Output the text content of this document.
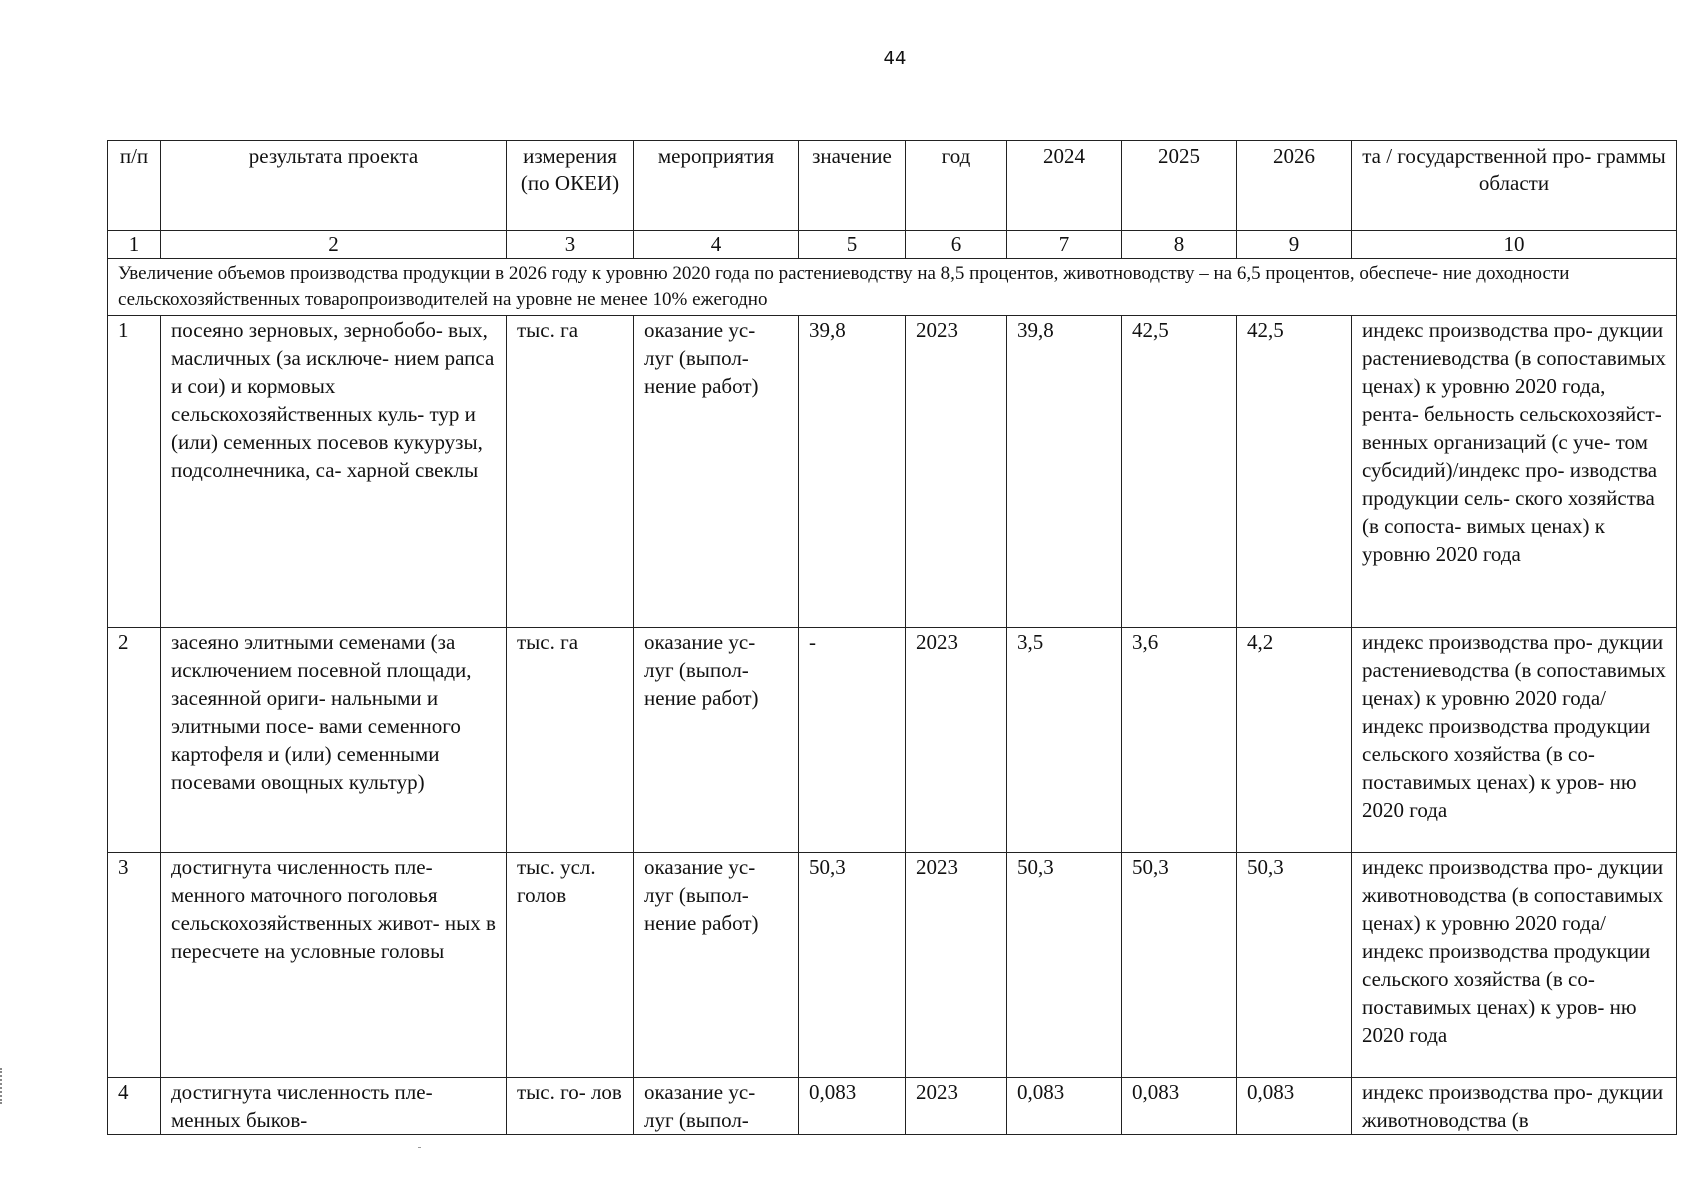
44
п/п	результата проекта	измерения (по ОКЕИ)	мероприятия	значение	год	2024	2025	2026	та / государственной про- граммы области
1	2	3	4	5	6	7	8	9	10
Увеличение объемов производства продукции в 2026 году к уровню 2020 года по растениеводству на 8,5 процентов, животноводству – на 6,5 процентов, обеспече- ние доходности сельскохозяйственных товаропроизводителей на уровне не менее 10% ежегодно									
1	посеяно зерновых, зернобобо- вых, масличных (за исключе- нием рапса и сои) и кормовых сельскохозяйственных куль- тур и (или) семенных посевов кукурузы, подсолнечника, са- харной свеклы	тыс. га	оказание ус- луг (выпол- нение работ)	39,8	2023	39,8	42,5	42,5	индекс производства про- дукции растениеводства (в сопоставимых ценах) к уровню 2020 года, рента- бельность сельскохозяйст- венных организаций (с уче- том субсидий)/индекс про- изводства продукции сель- ского хозяйства (в сопоста- вимых ценах) к уровню 2020 года
2	засеяно элитными семенами (за исключением посевной площади, засеянной ориги- нальными и элитными посе- вами семенного картофеля и (или) семенными посевами овощных культур)	тыс. га	оказание ус- луг (выпол- нение работ)	-	2023	3,5	3,6	4,2	индекс производства про- дукции растениеводства (в сопоставимых ценах) к уровню 2020 года/индекс производства продукции сельского хозяйства (в со- поставимых ценах) к уров- ню 2020 года
3	достигнута численность пле- менного маточного поголовья сельскохозяйственных живот- ных в пересчете на условные головы	тыс. усл. голов	оказание ус- луг (выпол- нение работ)	50,3	2023	50,3	50,3	50,3	индекс производства про- дукции животноводства (в сопоставимых ценах) к уровню 2020 года/индекс производства продукции сельского хозяйства (в со- поставимых ценах) к уров- ню 2020 года
4	достигнута численность пле- менных быков-	тыс. го- лов	оказание ус- луг (выпол-	0,083	2023	0,083	0,083	0,083	индекс производства про- дукции животноводства (в
